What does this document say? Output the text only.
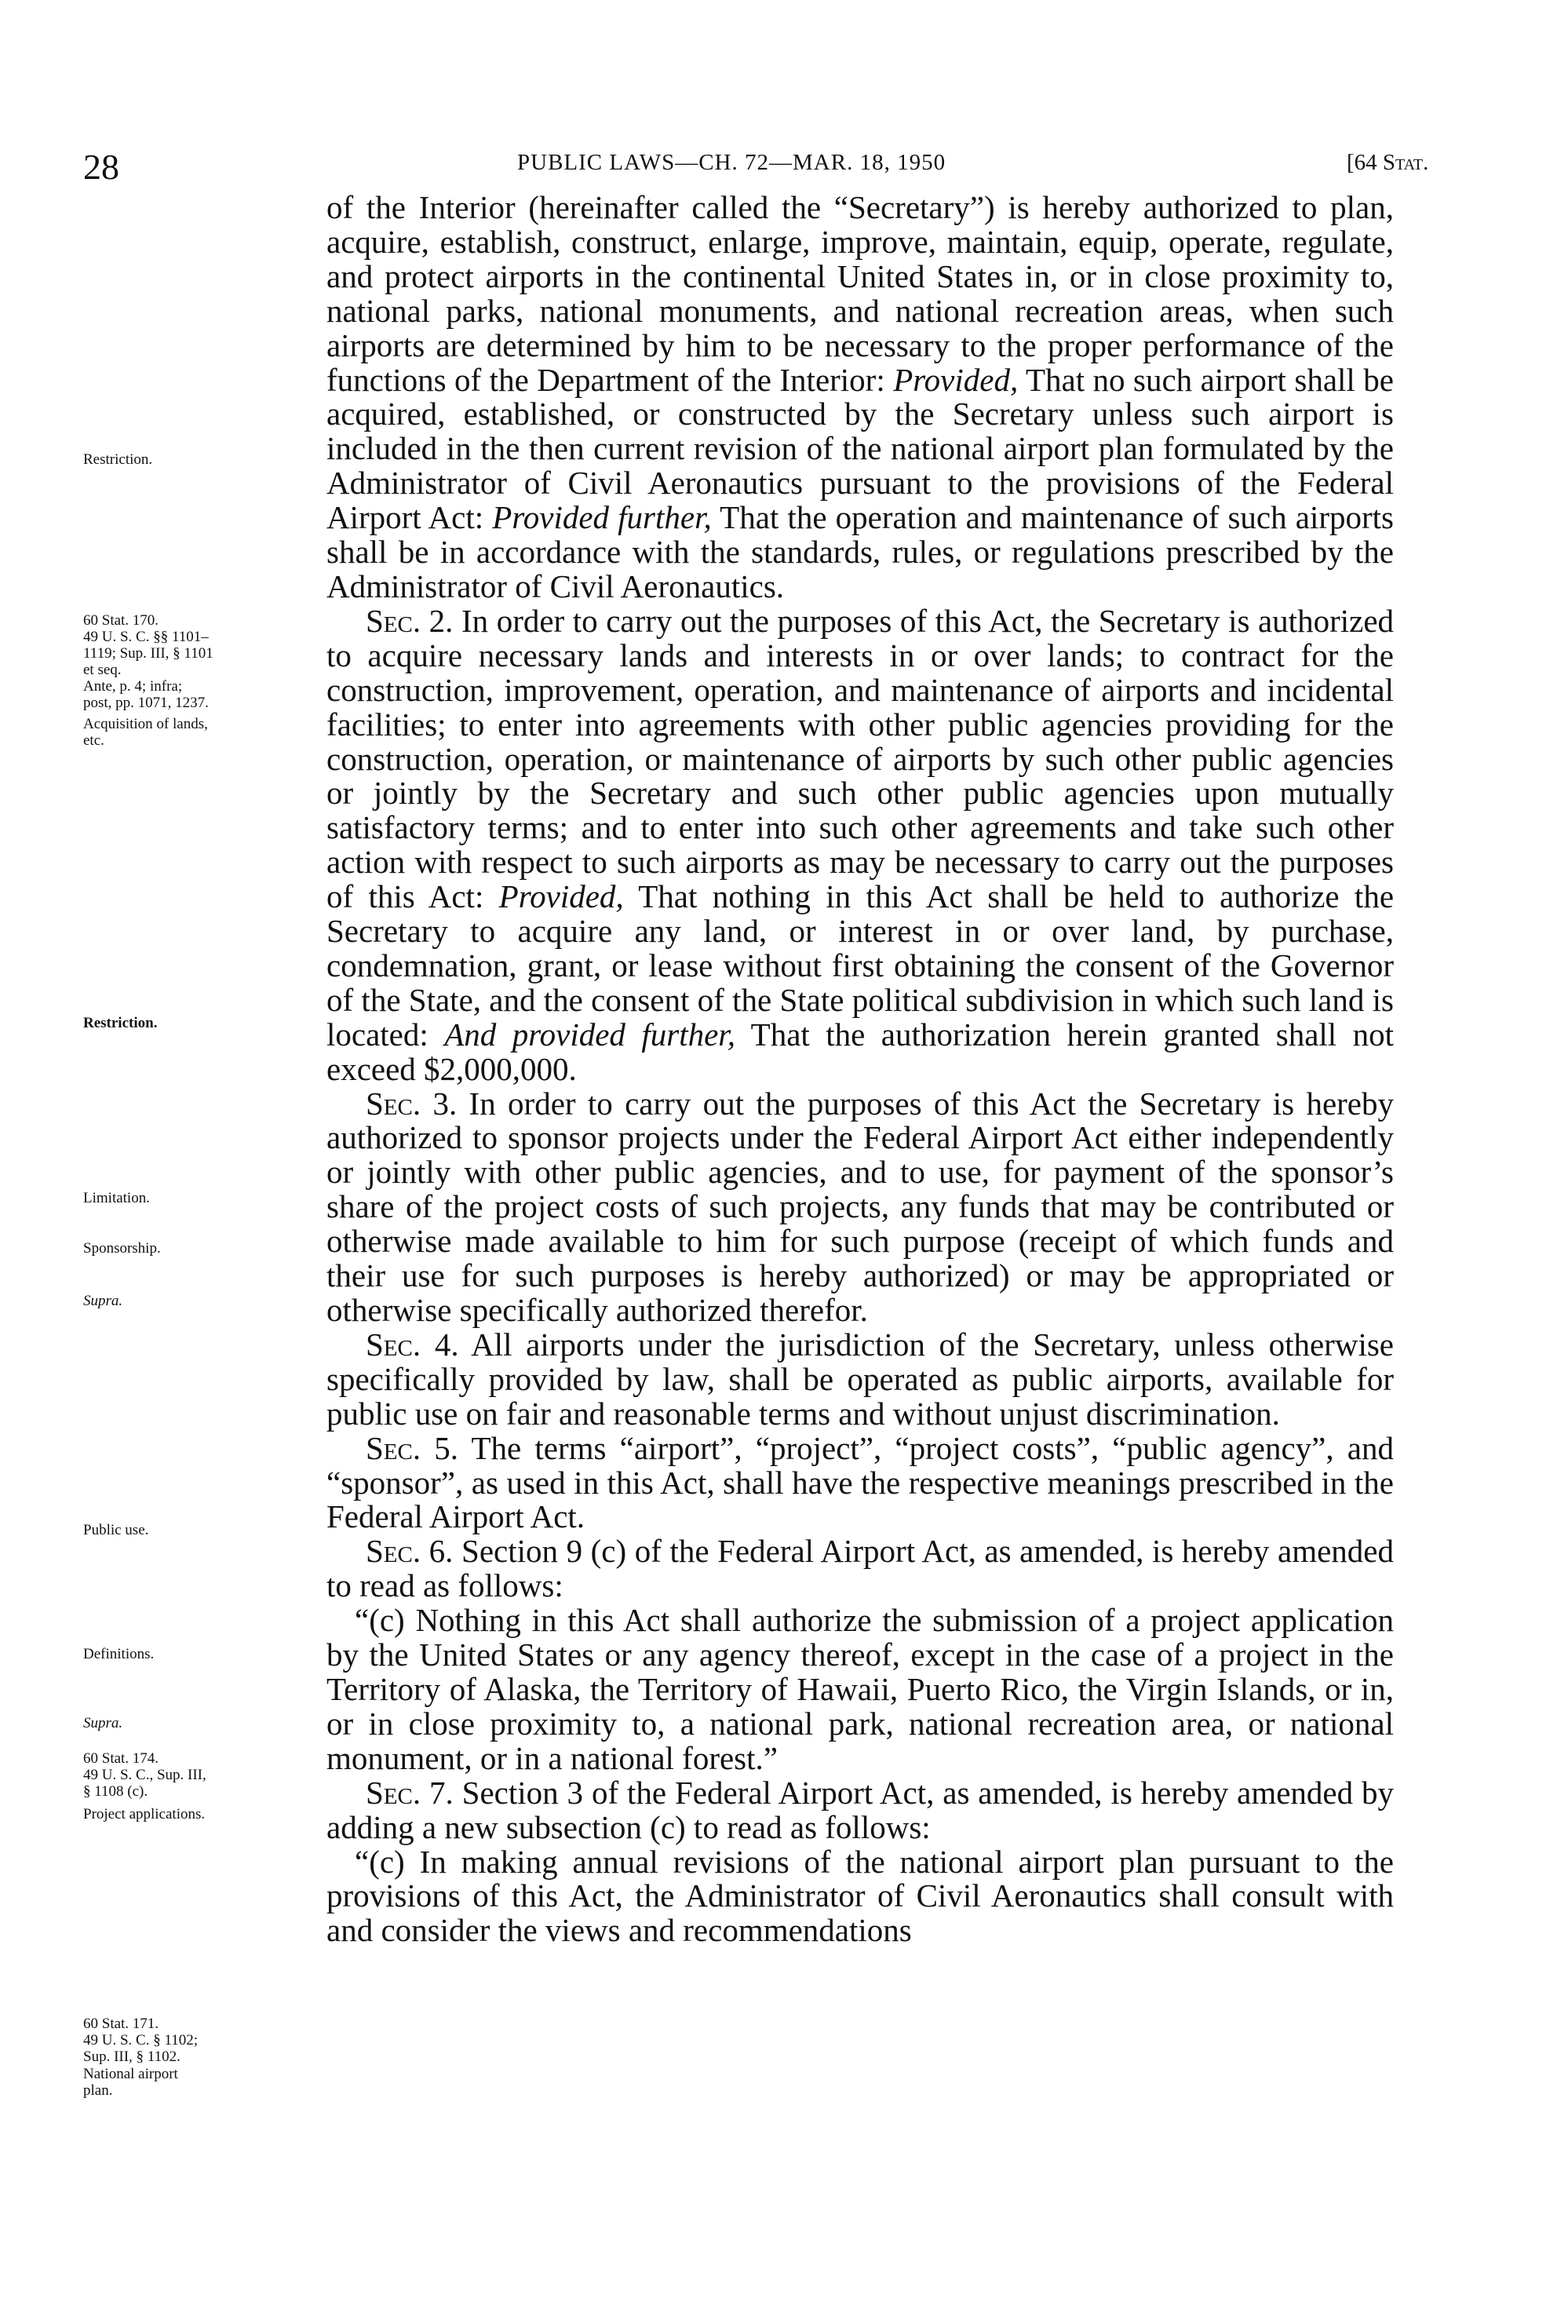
28	PUBLIC LAWS—CH. 72—MAR. 18, 1950	[64 Stat.
Restriction.
60 Stat. 170.
49 U. S. C. §§ 1101–
1119; Sup. III, § 1101
et seq.
Ante, p. 4; infra;
post, pp. 1071, 1237.
Acquisition of lands,
etc.
Restriction.
Limitation.
Sponsorship.
Supra.
Public use.
Definitions.
Supra.
60 Stat. 174.
49 U. S. C., Sup. III,
§ 1108 (c).
Project applications.
60 Stat. 171.
49 U. S. C. § 1102;
Sup. III, § 1102.
National airport
plan.

of the Interior (hereinafter called the “Secretary”) is hereby authorized to plan, acquire, establish, construct, enlarge, improve, maintain, equip, operate, regulate, and protect airports in the continental United States in, or in close proximity to, national parks, national monuments, and national recreation areas, when such airports are determined by him to be necessary to the proper performance of the functions of the Department of the Interior: Provided, That no such airport shall be acquired, established, or constructed by the Secretary unless such airport is included in the then current revision of the national airport plan formulated by the Administrator of Civil Aeronautics pursuant to the provisions of the Federal Airport Act: Provided further, That the operation and maintenance of such airports shall be in accordance with the standards, rules, or regulations prescribed by the Administrator of Civil Aeronautics.

Sec. 2. In order to carry out the purposes of this Act, the Secretary is authorized to acquire necessary lands and interests in or over lands; to contract for the construction, improvement, operation, and maintenance of airports and incidental facilities; to enter into agreements with other public agencies providing for the construction, operation, or maintenance of airports by such other public agencies or jointly by the Secretary and such other public agencies upon mutually satisfactory terms; and to enter into such other agreements and take such other action with respect to such airports as may be necessary to carry out the purposes of this Act: Provided, That nothing in this Act shall be held to authorize the Secretary to acquire any land, or interest in or over land, by purchase, condemnation, grant, or lease without first obtaining the consent of the Governor of the State, and the consent of the State political subdivision in which such land is located: And provided further, That the authorization herein granted shall not exceed $2,000,000.

Sec. 3. In order to carry out the purposes of this Act the Secretary is hereby authorized to sponsor projects under the Federal Airport Act either independently or jointly with other public agencies, and to use, for payment of the sponsor’s share of the project costs of such projects, any funds that may be contributed or otherwise made available to him for such purpose (receipt of which funds and their use for such purposes is hereby authorized) or may be appropriated or otherwise specifically authorized therefor.

Sec. 4. All airports under the jurisdiction of the Secretary, unless otherwise specifically provided by law, shall be operated as public airports, available for public use on fair and reasonable terms and without unjust discrimination.

Sec. 5. The terms “airport”, “project”, “project costs”, “public agency”, and “sponsor”, as used in this Act, shall have the respective meanings prescribed in the Federal Airport Act.

Sec. 6. Section 9 (c) of the Federal Airport Act, as amended, is hereby amended to read as follows:

“(c) Nothing in this Act shall authorize the submission of a project application by the United States or any agency thereof, except in the case of a project in the Territory of Alaska, the Territory of Hawaii, Puerto Rico, the Virgin Islands, or in, or in close proximity to, a national park, national recreation area, or national monument, or in a national forest.”

Sec. 7. Section 3 of the Federal Airport Act, as amended, is hereby amended by adding a new subsection (c) to read as follows:

“(c) In making annual revisions of the national airport plan pursuant to the provisions of this Act, the Administrator of Civil Aeronautics shall consult with and consider the views and recommendations
